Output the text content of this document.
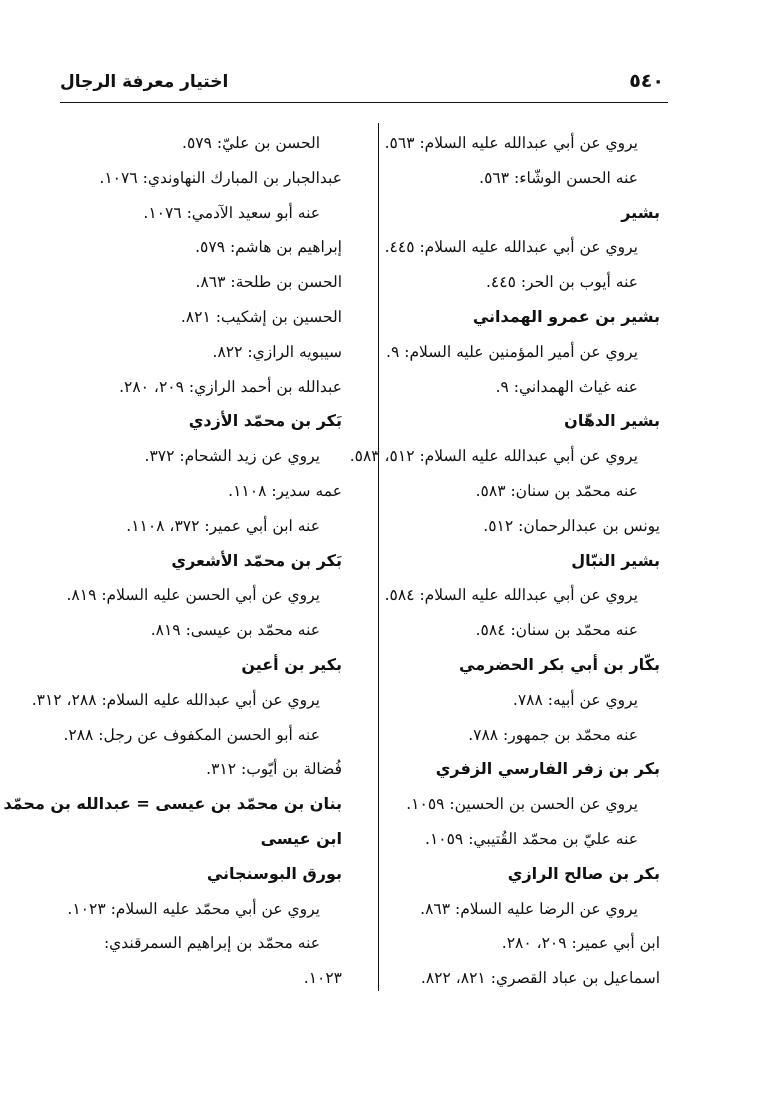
اختيار معرفة الرجال	٥٤٠
يروي عن أبي عبدالله عليه السلام: ٥٦٣.
عنه الحسن الوشّاء: ٥٦٣.
بشير
يروي عن أبي عبدالله عليه السلام: ٤٤٥.
عنه أيوب بن الحر: ٤٤٥.
بشير بن عمرو الهمداني
يروي عن أمير المؤمنين عليه السلام: ٩.
عنه غياث الهمداني: ٩.
بشير الدهّان
يروي عن أبي عبدالله عليه السلام: ٥١٢، ٥٨٣.
عنه محمّد بن سنان: ٥٨٣.
يونس بن عبدالرحمان: ٥١٢.
بشير النبّال
يروي عن أبي عبدالله عليه السلام: ٥٨٤.
عنه محمّد بن سنان: ٥٨٤.
بكّار بن أبي بكر الحضرمي
يروي عن أبيه: ٧٨٨.
عنه محمّد بن جمهور: ٧٨٨.
بكر بن زفر الفارسي الزفري
يروي عن الحسن بن الحسين: ١٠٥٩.
عنه عليّ بن محمّد القُتيبي: ١٠٥٩.
بكر بن صالح الرازي
يروي عن الرضا عليه السلام: ٨٦٣.
ابن أبي عمير: ٢٠٩، ٢٨٠.
اسماعيل بن عباد القصري: ٨٢١، ٨٢٢.
الحسن بن عليّ: ٥٧٩.
عبدالجبار بن المبارك النهاوندي: ١٠٧٦.
عنه أبو سعيد الآدمي: ١٠٧٦.
إبراهيم بن هاشم: ٥٧٩.
الحسن بن طلحة: ٨٦٣.
الحسين بن إشكيب: ٨٢١.
سيبويه الرازي: ٨٢٢.
عبدالله بن أحمد الرازي: ٢٠٩، ٢٨٠.
بَكر بن محمّد الأزدي
يروي عن زيد الشحام: ٣٧٢.
عمه سدير: ١١٠٨.
عنه ابن أبي عمير: ٣٧٢، ١١٠٨.
بَكر بن محمّد الأشعري
يروي عن أبي الحسن عليه السلام: ٨١٩.
عنه محمّد بن عيسى: ٨١٩.
بكير بن أعين
يروي عن أبي عبدالله عليه السلام: ٢٨٨، ٣١٢.
عنه أبو الحسن المكفوف عن رجل: ٢٨٨.
فُضالة بن أيّوب: ٣١٢.
بنان بن محمّد بن عيسى = عبدالله بن محمّد
ابن عيسى
بورق البوسنجاني
يروي عن أبي محمّد عليه السلام: ١٠٢٣.
عنه محمّد بن إبراهيم السمرقندي:
١٠٢٣.
